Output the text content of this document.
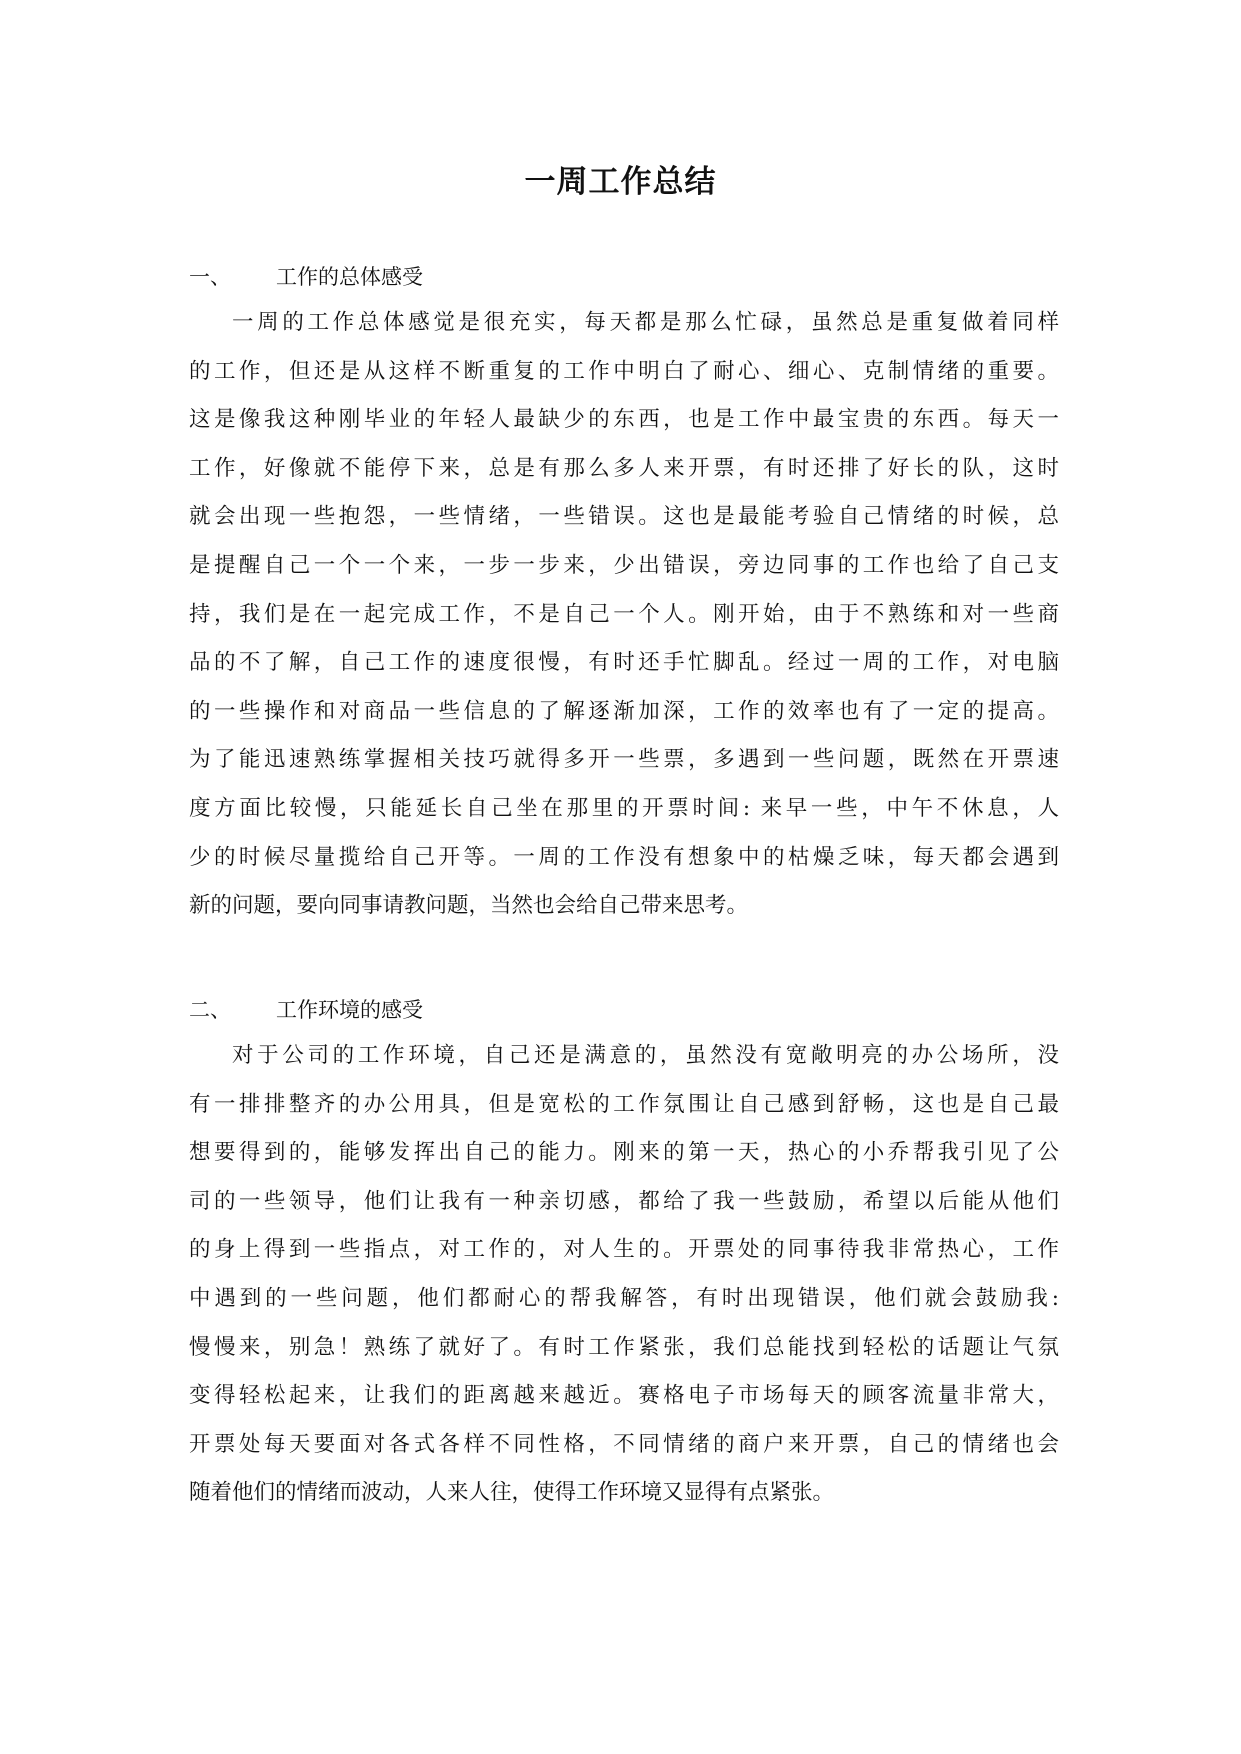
一周工作总结
一、 工作的总体感受
一周的工作总体感觉是很充实，每天都是那么忙碌，虽然总是重复做着同样
的工作，但还是从这样不断重复的工作中明白了耐心、细心、克制情绪的重要。
这是像我这种刚毕业的年轻人最缺少的东西，也是工作中最宝贵的东西。每天一
工作，好像就不能停下来，总是有那么多人来开票，有时还排了好长的队，这时
就会出现一些抱怨，一些情绪，一些错误。这也是最能考验自己情绪的时候，总
是提醒自己一个一个来，一步一步来，少出错误，旁边同事的工作也给了自己支
持，我们是在一起完成工作，不是自己一个人。刚开始，由于不熟练和对一些商
品的不了解，自己工作的速度很慢，有时还手忙脚乱。经过一周的工作，对电脑
的一些操作和对商品一些信息的了解逐渐加深，工作的效率也有了一定的提高。
为了能迅速熟练掌握相关技巧就得多开一些票，多遇到一些问题，既然在开票速
度方面比较慢，只能延长自己坐在那里的开票时间: 来早一些，中午不休息，人
少的时候尽量揽给自己开等。一周的工作没有想象中的枯燥乏味，每天都会遇到
新的问题，要向同事请教问题，当然也会给自己带来思考。
二、 工作环境的感受
对于公司的工作环境，自己还是满意的，虽然没有宽敞明亮的办公场所，没
有一排排整齐的办公用具，但是宽松的工作氛围让自己感到舒畅，这也是自己最
想要得到的，能够发挥出自己的能力。刚来的第一天，热心的小乔帮我引见了公
司的一些领导，他们让我有一种亲切感，都给了我一些鼓励，希望以后能从他们
的身上得到一些指点，对工作的，对人生的。开票处的同事待我非常热心，工作
中遇到的一些问题，他们都耐心的帮我解答，有时出现错误，他们就会鼓励我:
慢慢来，别急！熟练了就好了。有时工作紧张，我们总能找到轻松的话题让气氛
变得轻松起来，让我们的距离越来越近。赛格电子市场每天的顾客流量非常大，
开票处每天要面对各式各样不同性格，不同情绪的商户来开票，自己的情绪也会
随着他们的情绪而波动，人来人往，使得工作环境又显得有点紧张。
